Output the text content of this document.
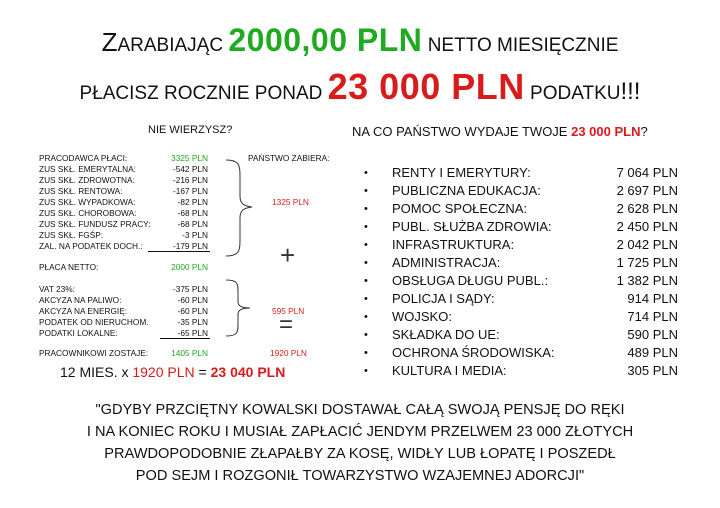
ZARABIAJĄC 2000,00 PLN NETTO MIESIĘCZNIE
PŁACISZ ROCZNIE PONAD 23 000 PLN PODATKU!!!
NIE WIERZYSZ?
PAŃSTWO ZABIERA:
PRACODAWCA PŁACI:	3325 PLN
ZUS SKŁ. EMERYTALNA:	-542 PLN
ZUS SKŁ. ZDROWOTNA:	-216 PLN
ZUS SKŁ. RENTOWA:	-167 PLN
ZUS SKŁ. WYPADKOWA:	-82 PLN
ZUS SKŁ. CHOROBOWA:	-68 PLN
ZUS SKŁ. FUNDUSZ PRACY:	-68 PLN
ZUS SKŁ. FGŚP:	-3 PLN
ZAL. NA PODATEK DOCH.:	-179 PLN
1325 PLN
PŁACA NETTO:	2000 PLN	+
VAT 23%:	-375 PLN
AKCYZA NA PALIWO:	-60 PLN
AKCYZA NA ENERGIĘ:	-60 PLN
PODATEK OD NIERUCHOM.	-35 PLN
PODATKI LOKALNE:	-65 PLN
595 PLN
=
PRACOWNIKOWI ZOSTAJE:	1405 PLN	1920 PLN
12 MIES. x 1920 PLN = 23 040 PLN
NA CO PAŃSTWO WYDAJE TWOJE 23 000 PLN?
• RENTY I EMERYTURY:	7 064 PLN
• PUBLICZNA EDUKACJA:	2 697 PLN
• POMOC SPOŁECZNA:	2 628 PLN
• PUBL. SŁUŻBA ZDROWIA:	2 450 PLN
• INFRASTRUKTURA:	2 042 PLN
• ADMINISTRACJA:	1 725 PLN
• OBSŁUGA DŁUGU PUBL.:	1 382 PLN
• POLICJA I SĄDY:	914 PLN
• WOJSKO:	714 PLN
• SKŁADKA DO UE:	590 PLN
• OCHRONA ŚRODOWISKA:	489 PLN
• KULTURA I MEDIA:	305 PLN
"GDYBY PRZCIĘTNY KOWALSKI DOSTAWAŁ CAŁĄ SWOJĄ PENSJĘ DO RĘKI
I NA KONIEC ROKU I MUSIAŁ ZAPŁACIĆ JENDYM PRZELWEM 23 000 ZŁOTYCH
PRAWDOPODOBNIE ZŁAPAŁBY ZA KOSĘ, WIDŁY LUB ŁOPATĘ I POSZEDŁ
POD SEJM I ROZGONIŁ TOWARZYSTWO WZAJEMNEJ ADORCJI"
